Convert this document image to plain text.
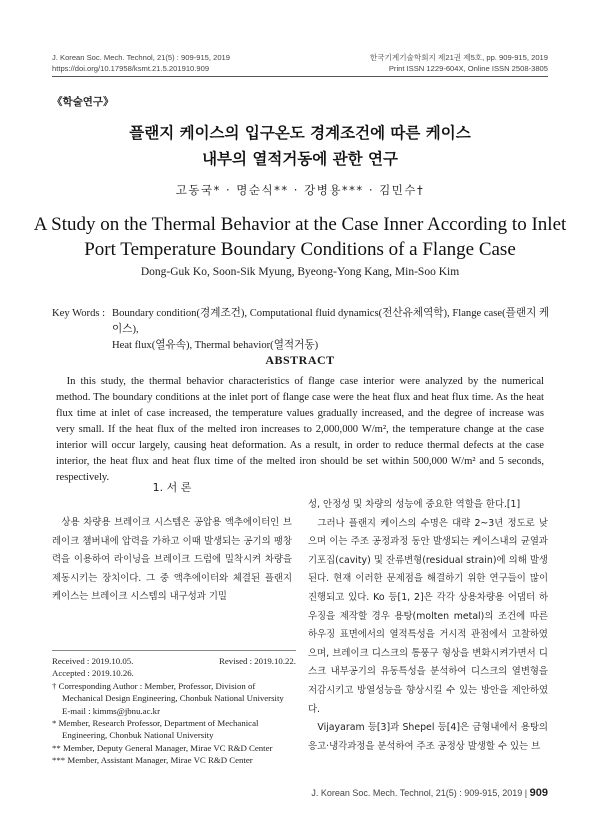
J. Korean Soc. Mech. Technol, 21(5) : 909-915, 2019
https://doi.org/10.17958/ksmt.21.5.201910.909
한국기계기술학회지 제21권 제5호, pp. 909-915, 2019
Print ISSN 1229-604X, Online ISSN 2508-3805
《학술연구》
플랜지 케이스의 입구온도 경계조건에 따른 케이스
내부의 열적거동에 관한 연구
고동국* · 명순식** · 강병용*** · 김민수†
A Study on the Thermal Behavior at the Case Inner According to Inlet
Port Temperature Boundary Conditions of a Flange Case
Dong-Guk Ko, Soon-Sik Myung, Byeong-Yong Kang, Min-Soo Kim
Key Words : Boundary condition(경계조건), Computational fluid dynamics(전산유체역학), Flange case(플랜지 케이스),
Heat flux(열유속), Thermal behavior(열적거동)
ABSTRACT

In this study, the thermal behavior characteristics of flange case interior were analyzed by the numerical method. The boundary conditions at the inlet port of flange case were the heat flux and heat flux time. As the heat flux time at inlet of case increased, the temperature values gradually increased, and the degree of increase was very small. If the heat flux of the melted iron increases to 2,000,000 W/m², the temperature change at the case interior will occur largely, causing heat deformation. As a result, in order to reduce thermal defects at the case interior, the heat flux and heat flux time of the melted iron should be set within 500,000 W/m² and 5 seconds, respectively.

1. 서 론

상용 차량용 브레이크 시스템은 공압용 액추에이터인 브레이크 챔버내에 압력을 가하고 이때 발생되는 공기의 팽창력을 이용하여 라이닝을 브레이크 드럼에 밀착시켜 차량을 제동시키는 장치이다. 그 중 액추에이터와 체결된 플랜지 케이스는 브레이크 시스템의 내구성과 기밀

Received : 2019.10.05.	Revised : 2019.10.22.
Accepted : 2019.10.26.
† Corresponding Author : Member, Professor, Division of Mechanical Design Engineering, Chonbuk National University
E-mail : kimms@jbnu.ac.kr
* Member, Research Professor, Department of Mechanical Engineering, Chonbuk National University
** Member, Deputy General Manager, Mirae VC R&D Center
*** Member, Assistant Manager, Mirae VC R&D Center

성, 안정성 및 차량의 성능에 중요한 역할을 한다.[1]

그러나 플랜지 케이스의 수명은 대략 2~3년 정도로 낮으며 이는 주조 공정과정 동안 발생되는 케이스내의 균열과 기포집(cavity) 및 잔류변형(residual strain)에 의해 발생된다. 현재 이러한 문제점을 해결하기 위한 연구들이 많이 진행되고 있다. Ko 등[1, 2]은 각각 상용차량용 어댑터 하우징을 제작할 경우 용탕(molten metal)의 조건에 따른 하우징 표면에서의 열적특성을 거시적 관점에서 고찰하였으며, 브레이크 디스크의 통풍구 형상을 변화시켜가면서 디스크 내부공기의 유동특성을 분석하여 디스크의 열변형을 저감시키고 방열성능을 향상시킬 수 있는 방안을 제안하였다.

Vijayaram 등[3]과 Shepel 등[4]은 금형내에서 용탕의 응고·냉각과정을 분석하여 주조 공정상 발생할 수 있는 브

J. Korean Soc. Mech. Technol, 21(5) : 909-915, 2019 | 909
